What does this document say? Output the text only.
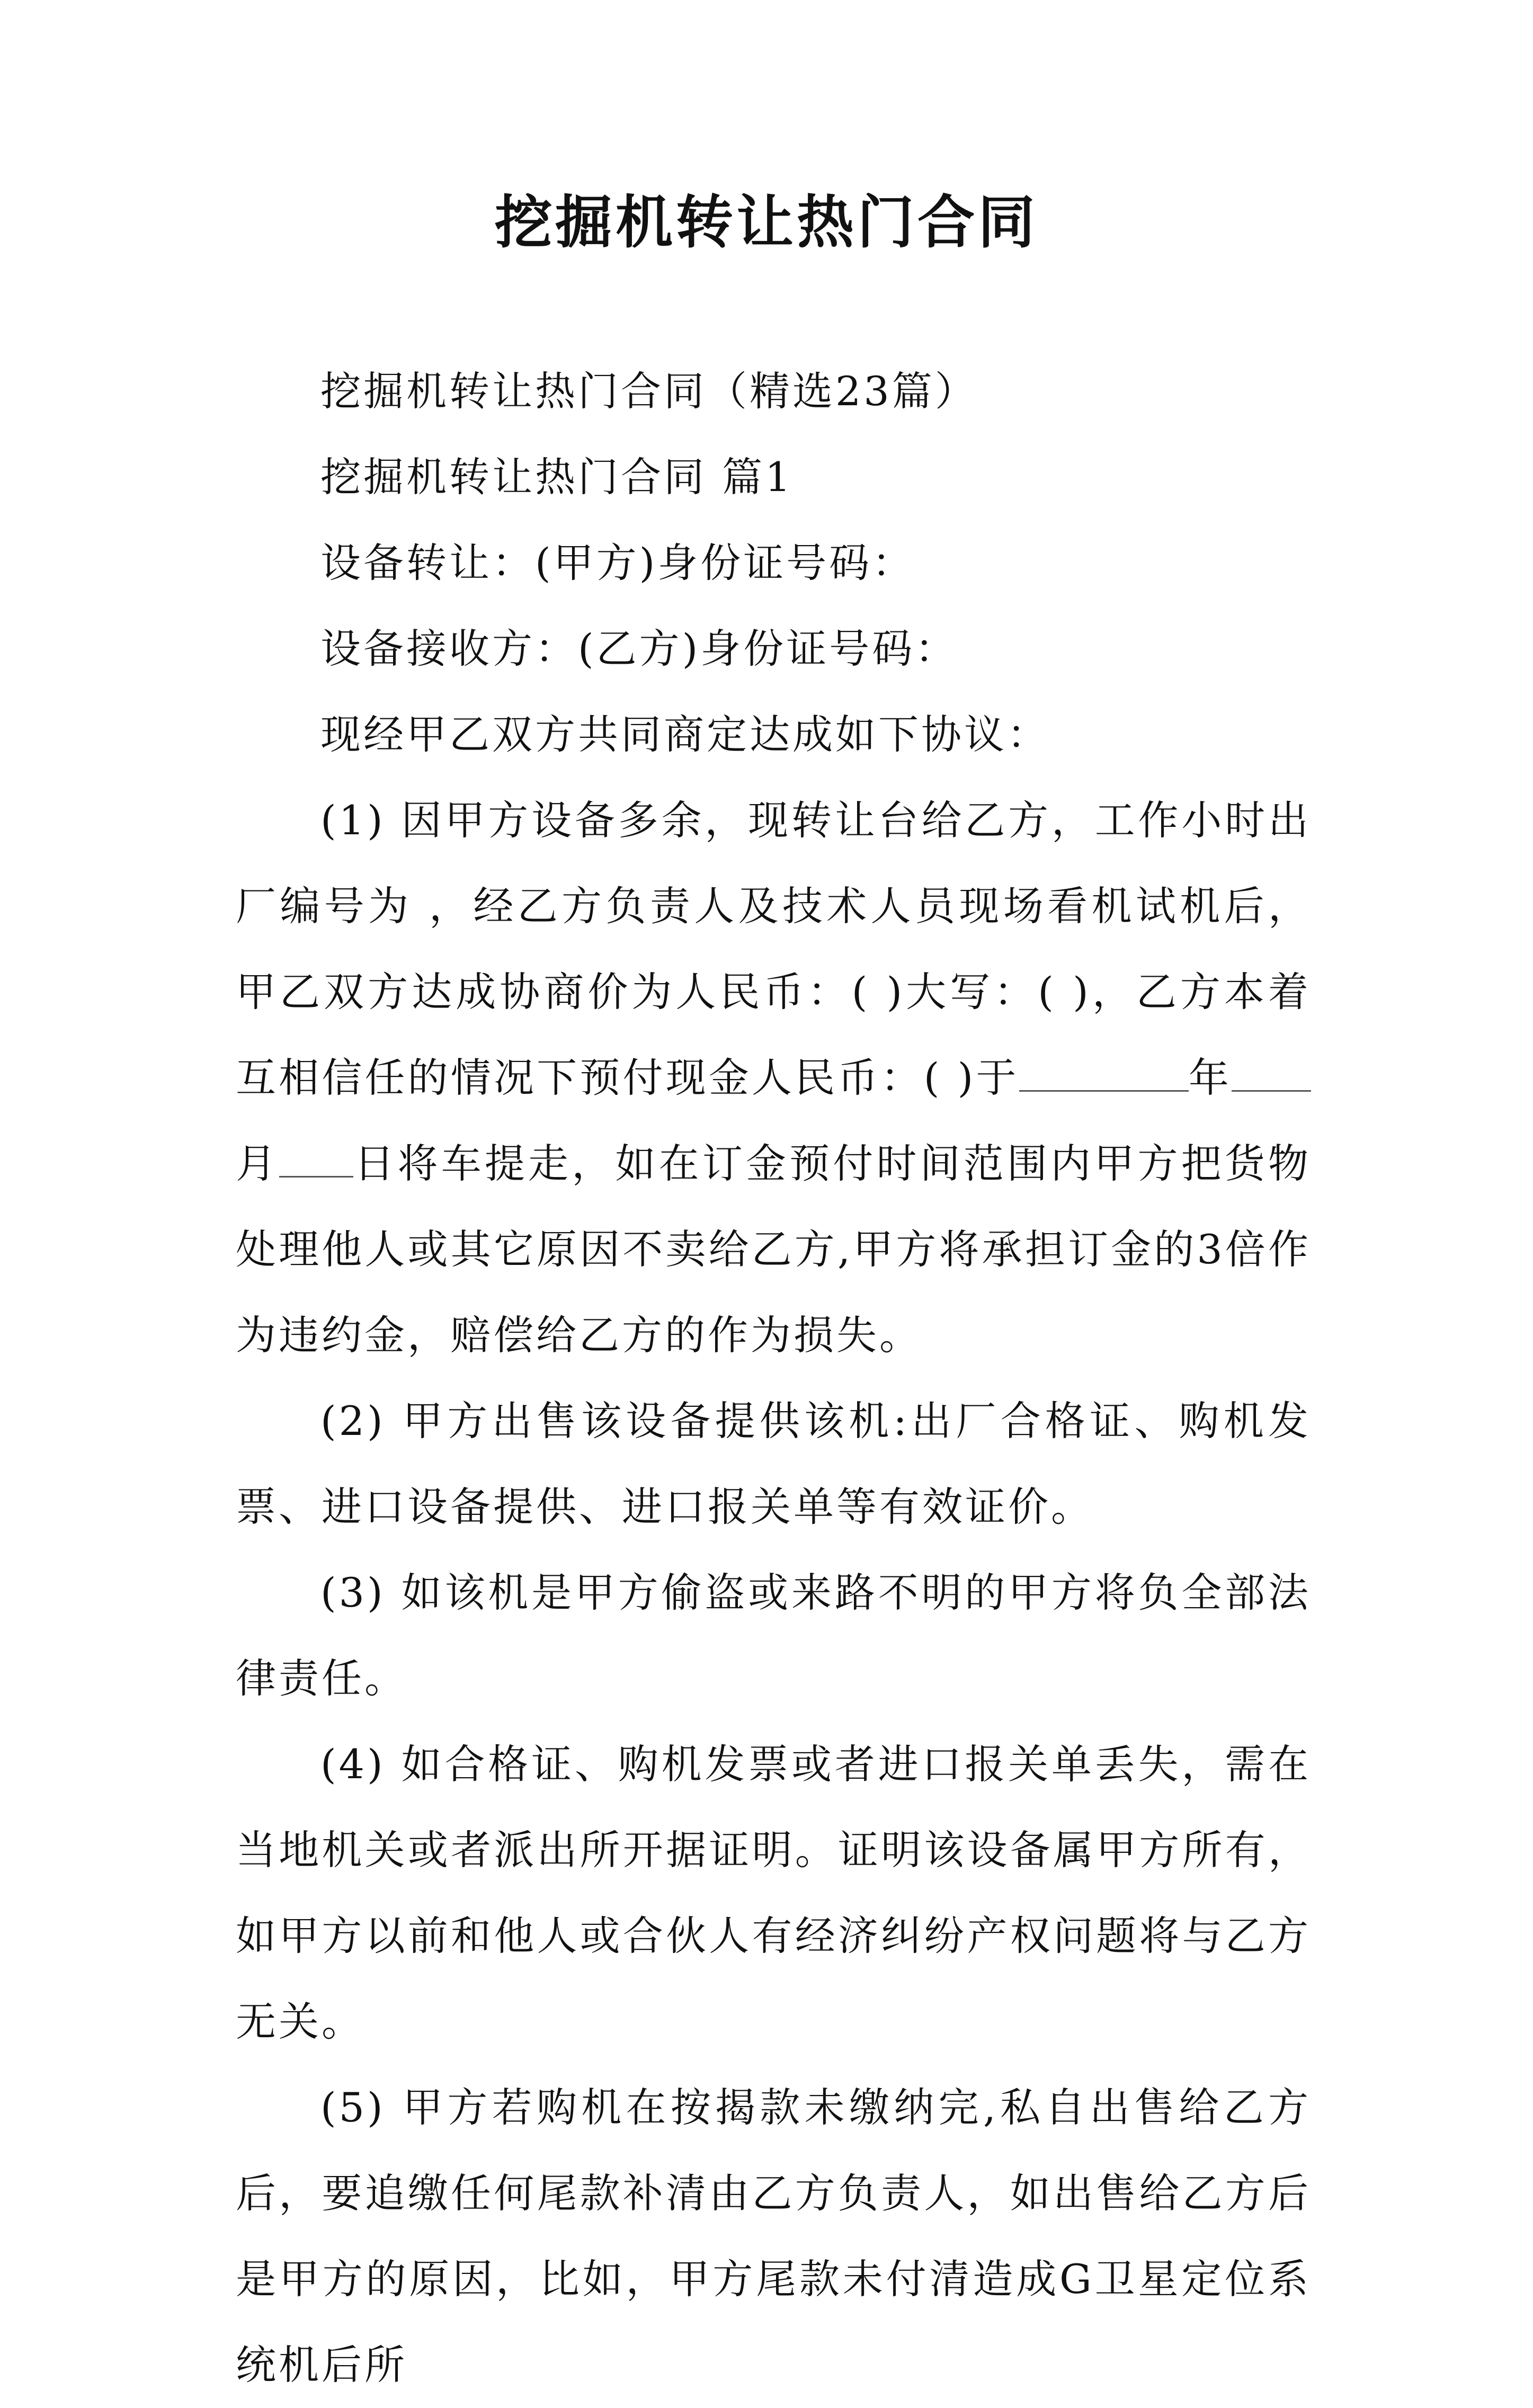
挖掘机转让热门合同

挖掘机转让热门合同（精选23篇）

挖掘机转让热门合同 篇1

设备转让：(甲方)身份证号码：

设备接收方：(乙方)身份证号码：

现经甲乙双方共同商定达成如下协议：

(1) 因甲方设备多余，现转让台给乙方，工作小时出厂编号为 ，经乙方负责人及技术人员现场看机试机后，甲乙双方达成协商价为人民币：( )大写：( )，乙方本着互相信任的情况下预付现金人民币：( )于	年月 日将车提走，如在订金预付时间范围内甲方把货物处理他人或其它原因不卖给乙方,甲方将承担订金的3倍作为违约金，赔偿给乙方的作为损失。

(2) 甲方出售该设备提供该机:出厂合格证、购机发票、进口设备提供、进口报关单等有效证价。

(3) 如该机是甲方偷盗或来路不明的甲方将负全部法律责任。

(4) 如合格证、购机发票或者进口报关单丢失，需在当地机关或者派出所开据证明。证明该设备属甲方所有，如甲方以前和他人或合伙人有经济纠纷产权问题将与乙方无关。

(5) 甲方若购机在按揭款未缴纳完,私自出售给乙方后，要追缴任何尾款补清由乙方负责人，如出售给乙方后是甲方的原因，比如，甲方尾款未付清造成G卫星定位系统机后所
